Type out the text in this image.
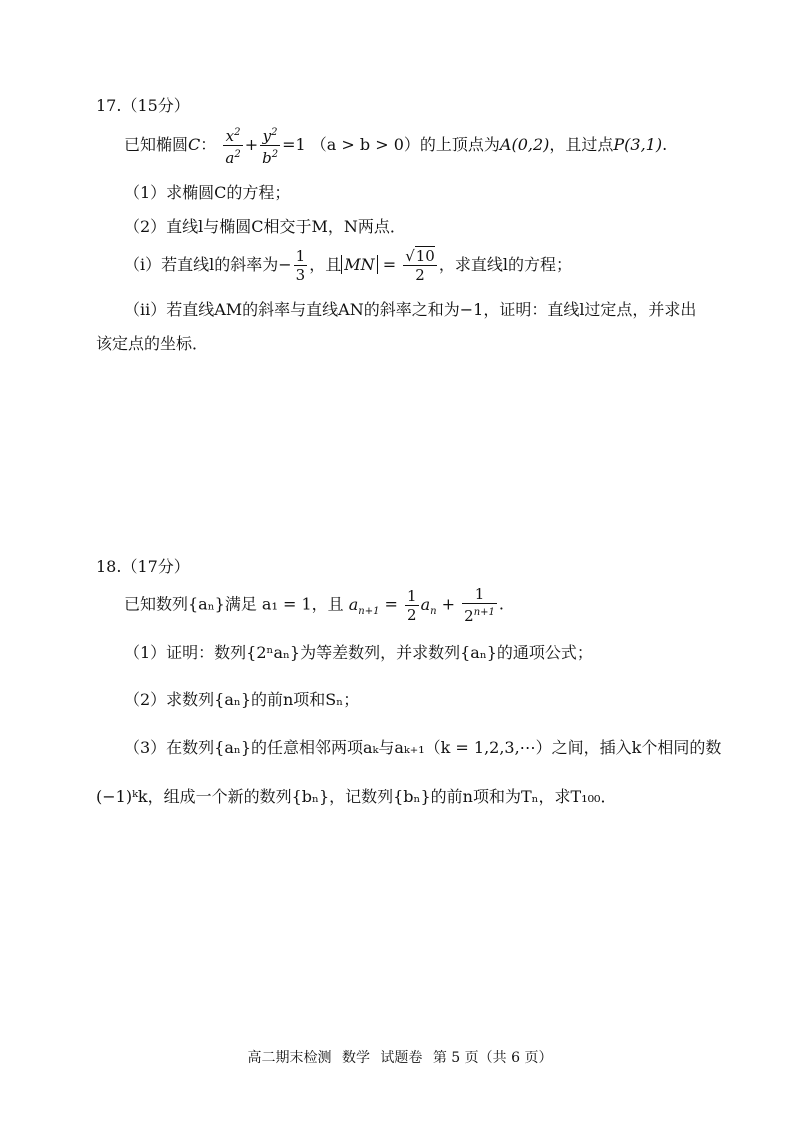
17.（15分）
已知椭圆C： $\frac{x^2}{a^2} + \frac{y^2}{b^2} =1$ （a > b > 0）的上顶点为A(0,2)，且过点P(3,1).
（1）求椭圆C的方程；
（2）直线l与椭圆C相交于M，N两点．
（ⅰ）若直线l的斜率为− $\frac{1}{3}$ ，且 MN = $\frac{√10}{2}$ ，求直线l的方程；
（ⅱ）若直线AM的斜率与直线AN的斜率之和为−1，证明：直线l过定点，并求出
该定点的坐标．
18.（17分）
已知数列{aₙ}满足 a₁ = 1，且 $a_{n+1} = \frac{1}{2} a_n + \frac{1}{2^{n+1}}$ .
（1）证明：数列{2ⁿaₙ}为等差数列，并求数列{aₙ}的通项公式；
（2）求数列{aₙ}的前n项和Sₙ；
（3）在数列{aₙ}的任意相邻两项aₖ与aₖ₊₁（k = 1,2,3,⋯）之间，插入k个相同的数
(−1)ᵏk，组成一个新的数列{bₙ}，记数列{bₙ}的前n项和为Tₙ，求T₁₀₀．
高二期末检测 数学 试题卷 第 5 页（共 6 页）
